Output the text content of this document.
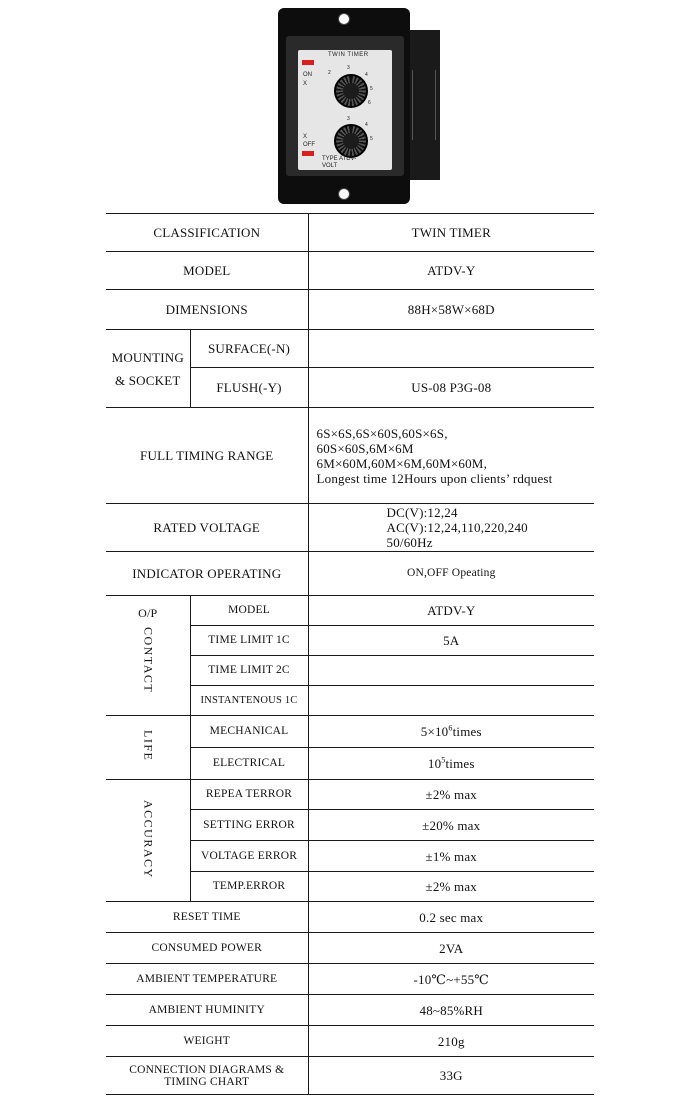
TWIN TIMER
ON
X
2
3
4
5
6
X
OFF
3
4
5
TYPE ATDV-
VOLT
CLASSIFICATION		TWIN TIMER
MODEL		ATDV-Y
DIMENSIONS		88H×58W×68D

MOUNTING
& SOCKET	SURFACE(-N)	
	FLUSH(-Y)	US-08 P3G-08
FULL TIMING RANGE		6S×6S,6S×60S,60S×6S,
60S×60S,6M×6M
6M×60M,60M×6M,60M×60M,
Longest time 12Hours upon clients’ rdquest

RATED VOLTAGE		DC(V):12,24
AC(V):12,24,110,220,240
50/60Hz

INDICATOR OPERATING		ON,OFF Opeating

O/P
CONTACT	MODEL	ATDV-Y
	TIME LIMIT 1C	5A
	TIME LIMIT 2C	
	INSTANTENOUS 1C	
LIFE	MECHANICAL	$5\times 10^6times$
	ELECTRICAL	$10^5times$
ACCURACY	REPEA TERROR	±2% max
	SETTING ERROR	±20% max
	VOLTAGE ERROR	±1% max
	TEMP.ERROR	±2% max
RESET TIME		0.2 sec max
CONSUMED POWER		2VA
AMBIENT TEMPERATURE		-10℃~+55℃
AMBIENT HUMINITY		48~85%RH
WEIGHT		210g

CONNECTION DIAGRAMS &
TIMING CHART		33G
